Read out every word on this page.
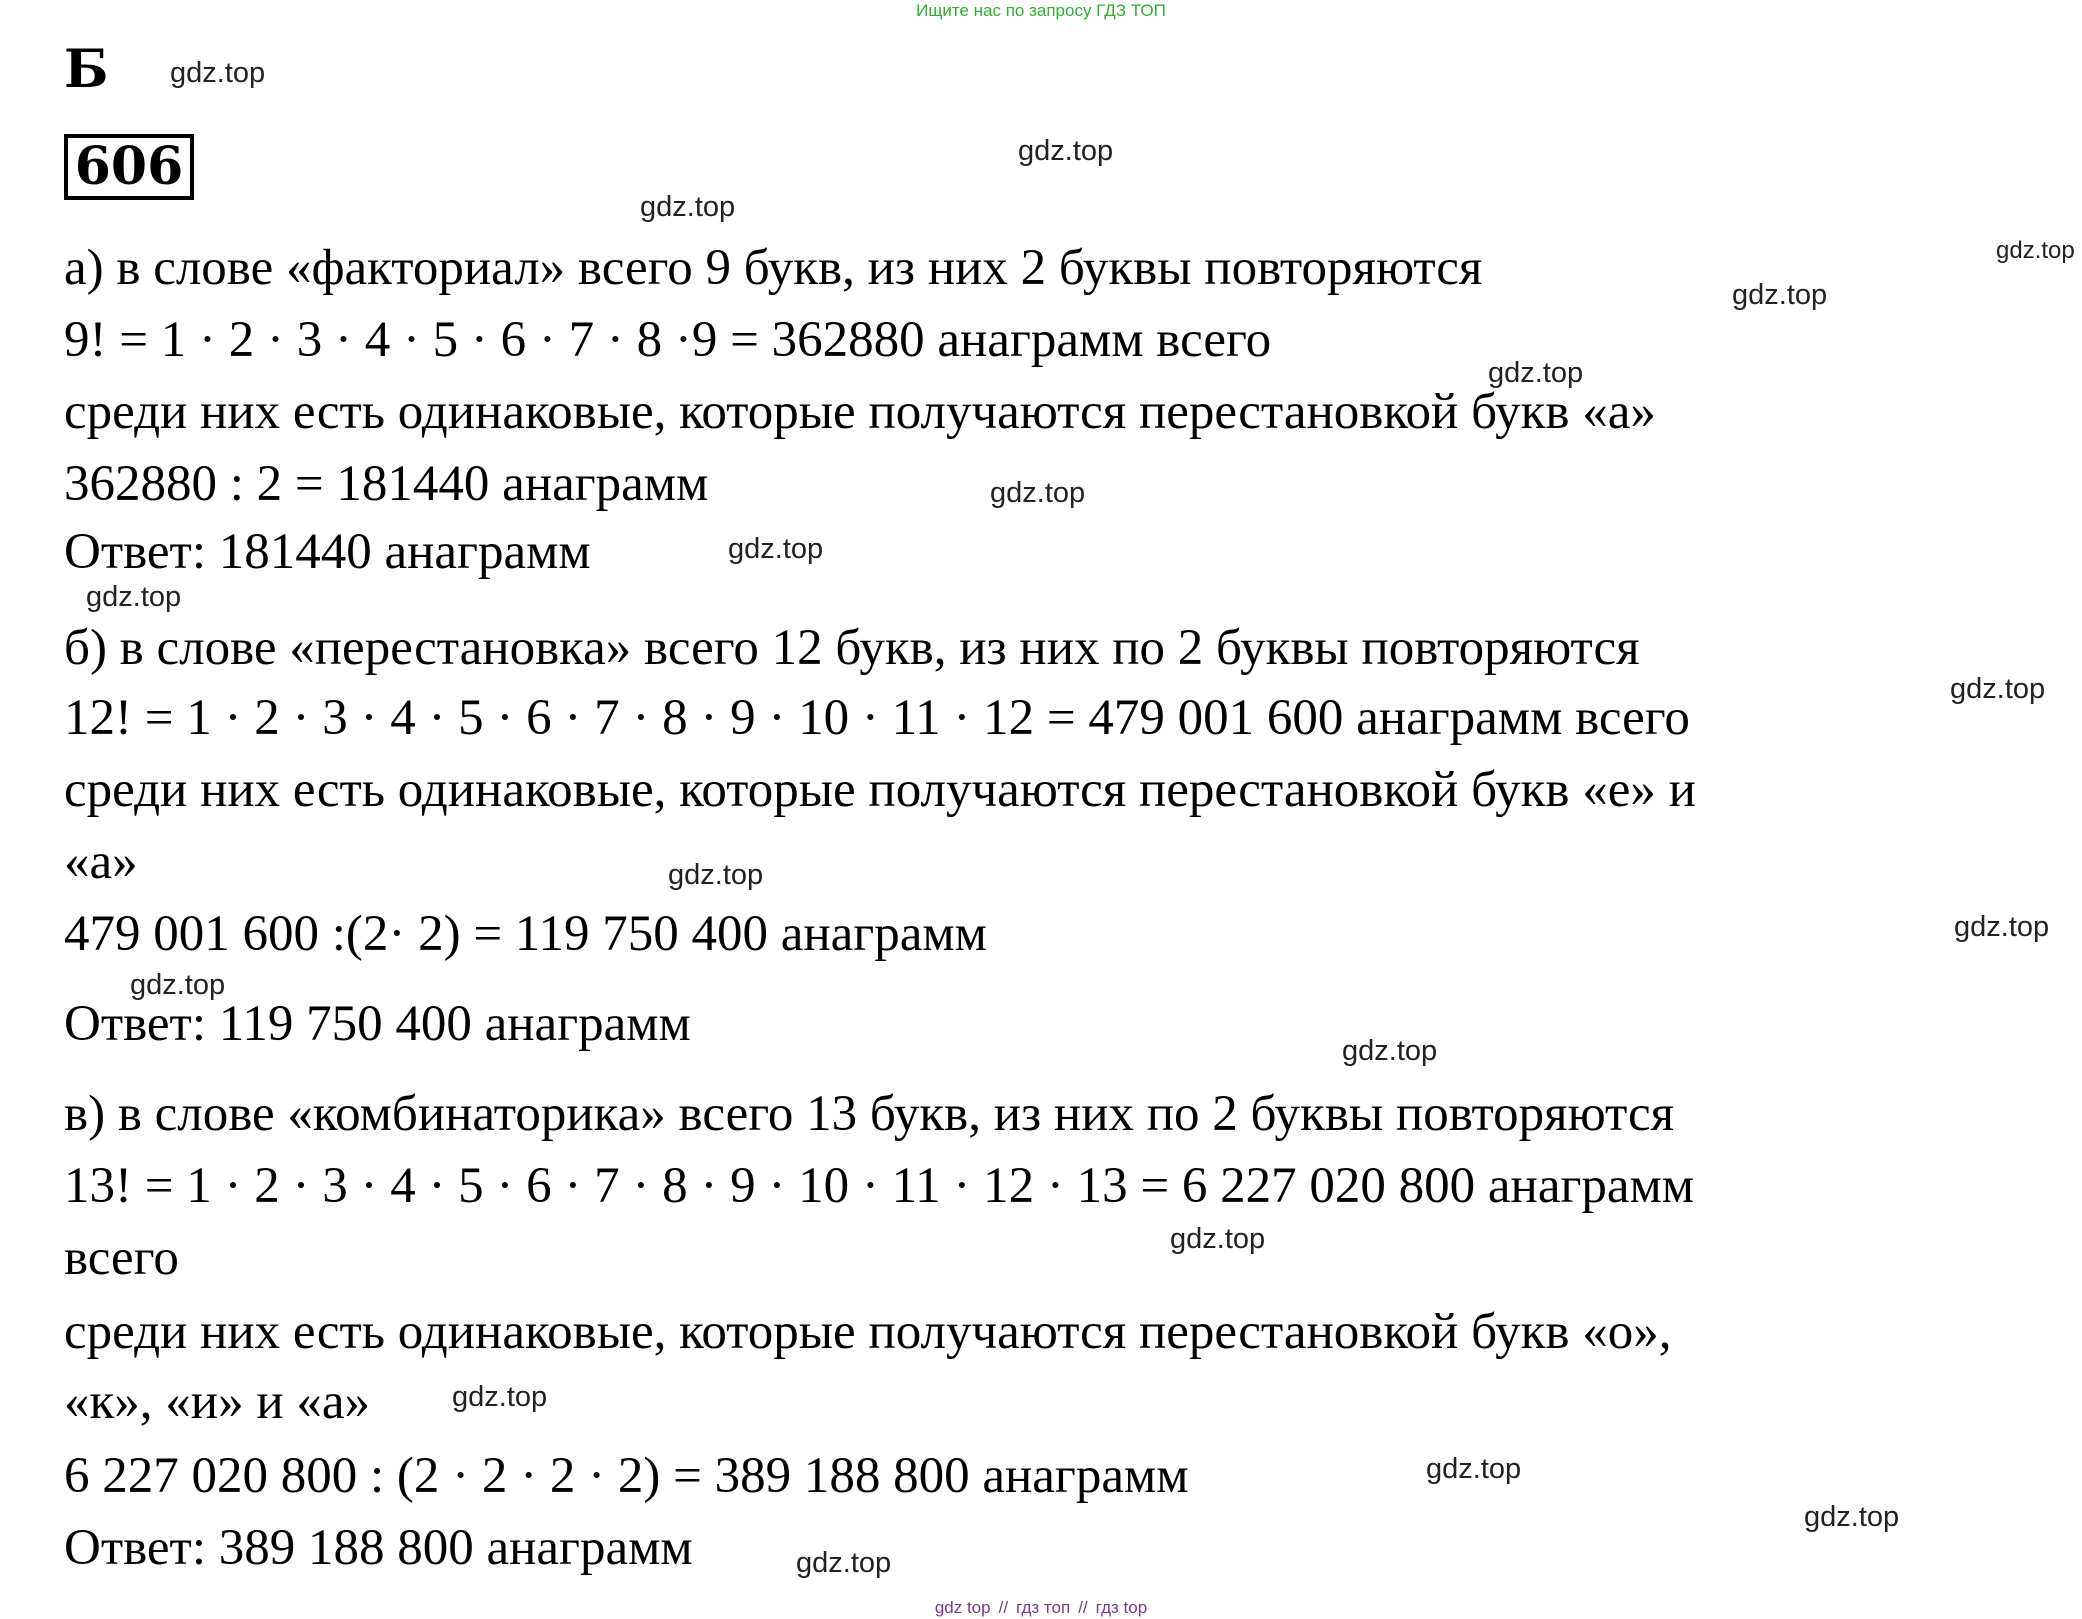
Ищите нас по запросу ГДЗ ТОП
Б
606
а) в слове «факториал» всего 9 букв, из них 2 буквы повторяются
9! = 1 · 2 · 3 · 4 · 5 · 6 · 7 · 8 ·9 = 362880 анаграмм всего
среди них есть одинаковые, которые получаются перестановкой букв «а»
362880 : 2 = 181440 анаграмм
Ответ: 181440 анаграмм
б) в слове «перестановка» всего 12 букв, из них по 2 буквы повторяются
12! = 1 · 2 · 3 · 4 · 5 · 6 · 7 · 8 · 9 · 10 · 11 · 12 = 479 001 600 анаграмм всего
среди них есть одинаковые, которые получаются перестановкой букв «е» и
«а»
479 001 600 :(2· 2) = 119 750 400 анаграмм
Ответ: 119 750 400 анаграмм
в) в слове «комбинаторика» всего 13 букв, из них по 2 буквы повторяются
13! = 1 · 2 · 3 · 4 · 5 · 6 · 7 · 8 · 9 · 10 · 11 · 12 · 13 = 6 227 020 800 анаграмм
всего
среди них есть одинаковые, которые получаются перестановкой букв «о»,
«к», «и» и «а»
6 227 020 800 : (2 · 2 · 2 · 2) = 389 188 800 анаграмм
Ответ: 389 188 800 анаграмм
gdz.top
gdz.top
gdz.top
gdz.top
gdz.top
gdz.top
gdz.top
gdz.top
gdz.top
gdz.top
gdz.top
gdz.top
gdz.top
gdz.top
gdz.top
gdz.top
gdz.top
gdz.top
gdz.top
gdz top // гдз топ // гдз top
